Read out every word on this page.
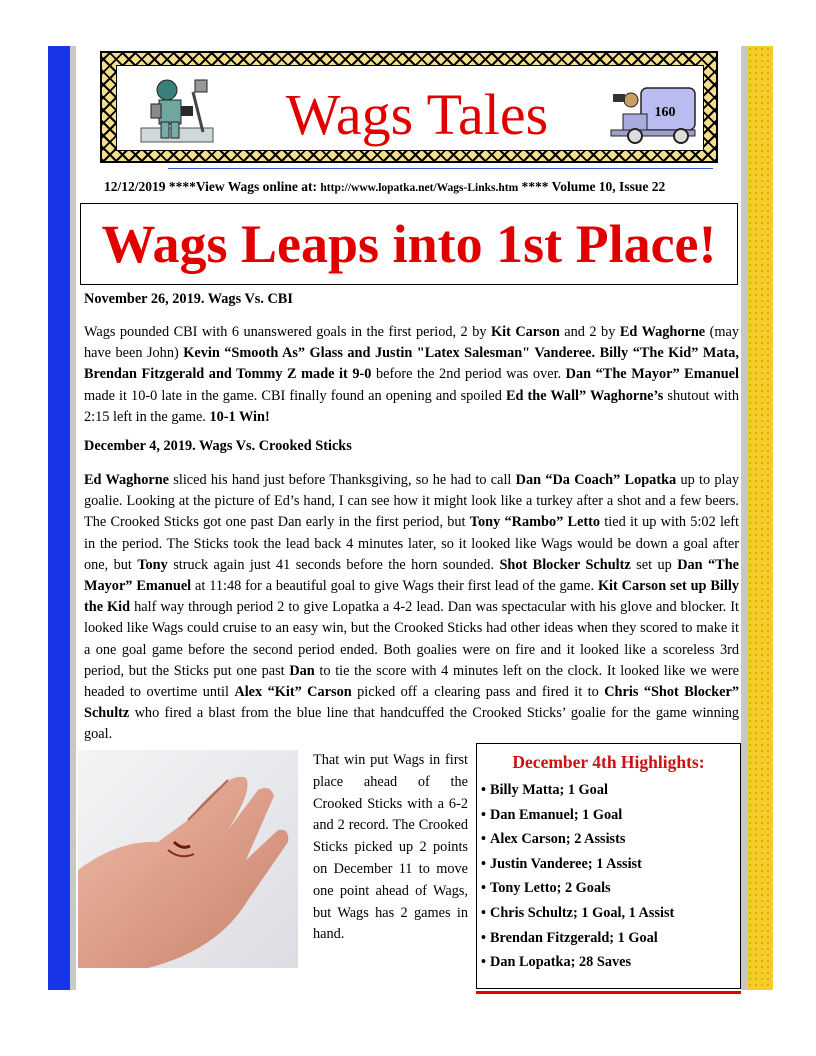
Wags Tales	160
12/12/2019 ****View Wags online at: http://www.lopatka.net/Wags-Links.htm **** Volume 10, Issue 22
Wags Leaps into 1st Place!
November 26, 2019. Wags Vs. CBI
Wags pounded CBI with 6 unanswered goals in the first period, 2 by Kit Carson and 2 by Ed Waghorne (may have been John) Kevin “Smooth As” Glass and Justin "Latex Salesman" Vanderee. Billy “The Kid” Mata, Brendan Fitzgerald and Tommy Z made it 9-0 before the 2nd period was over. Dan “The Mayor” Emanuel made it 10-0 late in the game. CBI finally found an opening and spoiled Ed the Wall” Waghorne’s shutout with 2:15 left in the game. 10-1 Win!
December 4, 2019. Wags Vs. Crooked Sticks
Ed Waghorne sliced his hand just before Thanksgiving, so he had to call Dan “Da Coach” Lopatka up to play goalie. Looking at the picture of Ed’s hand, I can see how it might look like a turkey after a shot and a few beers. The Crooked Sticks got one past Dan early in the first period, but Tony “Rambo” Letto tied it up with 5:02 left in the period. The Sticks took the lead back 4 minutes later, so it looked like Wags would be down a goal after one, but Tony struck again just 41 seconds before the horn sounded. Shot Blocker Schultz set up Dan “The Mayor” Emanuel at 11:48 for a beautiful goal to give Wags their first lead of the game. Kit Carson set up Billy the Kid half way through period 2 to give Lopatka a 4-2 lead. Dan was spectacular with his glove and blocker. It looked like Wags could cruise to an easy win, but the Crooked Sticks had other ideas when they scored to make it a one goal game before the second period ended. Both goalies were on fire and it looked like a scoreless 3rd period, but the Sticks put one past Dan to tie the score with 4 minutes left on the clock. It looked like we were headed to overtime until Alex “Kit” Carson picked off a clearing pass and fired it to Chris “Shot Blocker” Schultz who fired a blast from the blue line that handcuffed the Crooked Sticks’ goalie for the game winning goal.
That win put Wags in first place ahead of the Crooked Sticks with a 6-2 and 2 record. The Crooked Sticks picked up 2 points on December 11 to move one point ahead of Wags, but Wags has 2 games in hand.
December 4th Highlights:
• Billy Matta; 1 Goal
• Dan Emanuel; 1 Goal
• Alex Carson; 2 Assists
• Justin Vanderee; 1 Assist
• Tony Letto; 2 Goals
• Chris Schultz; 1 Goal, 1 Assist
• Brendan Fitzgerald; 1 Goal
• Dan Lopatka; 28 Saves
